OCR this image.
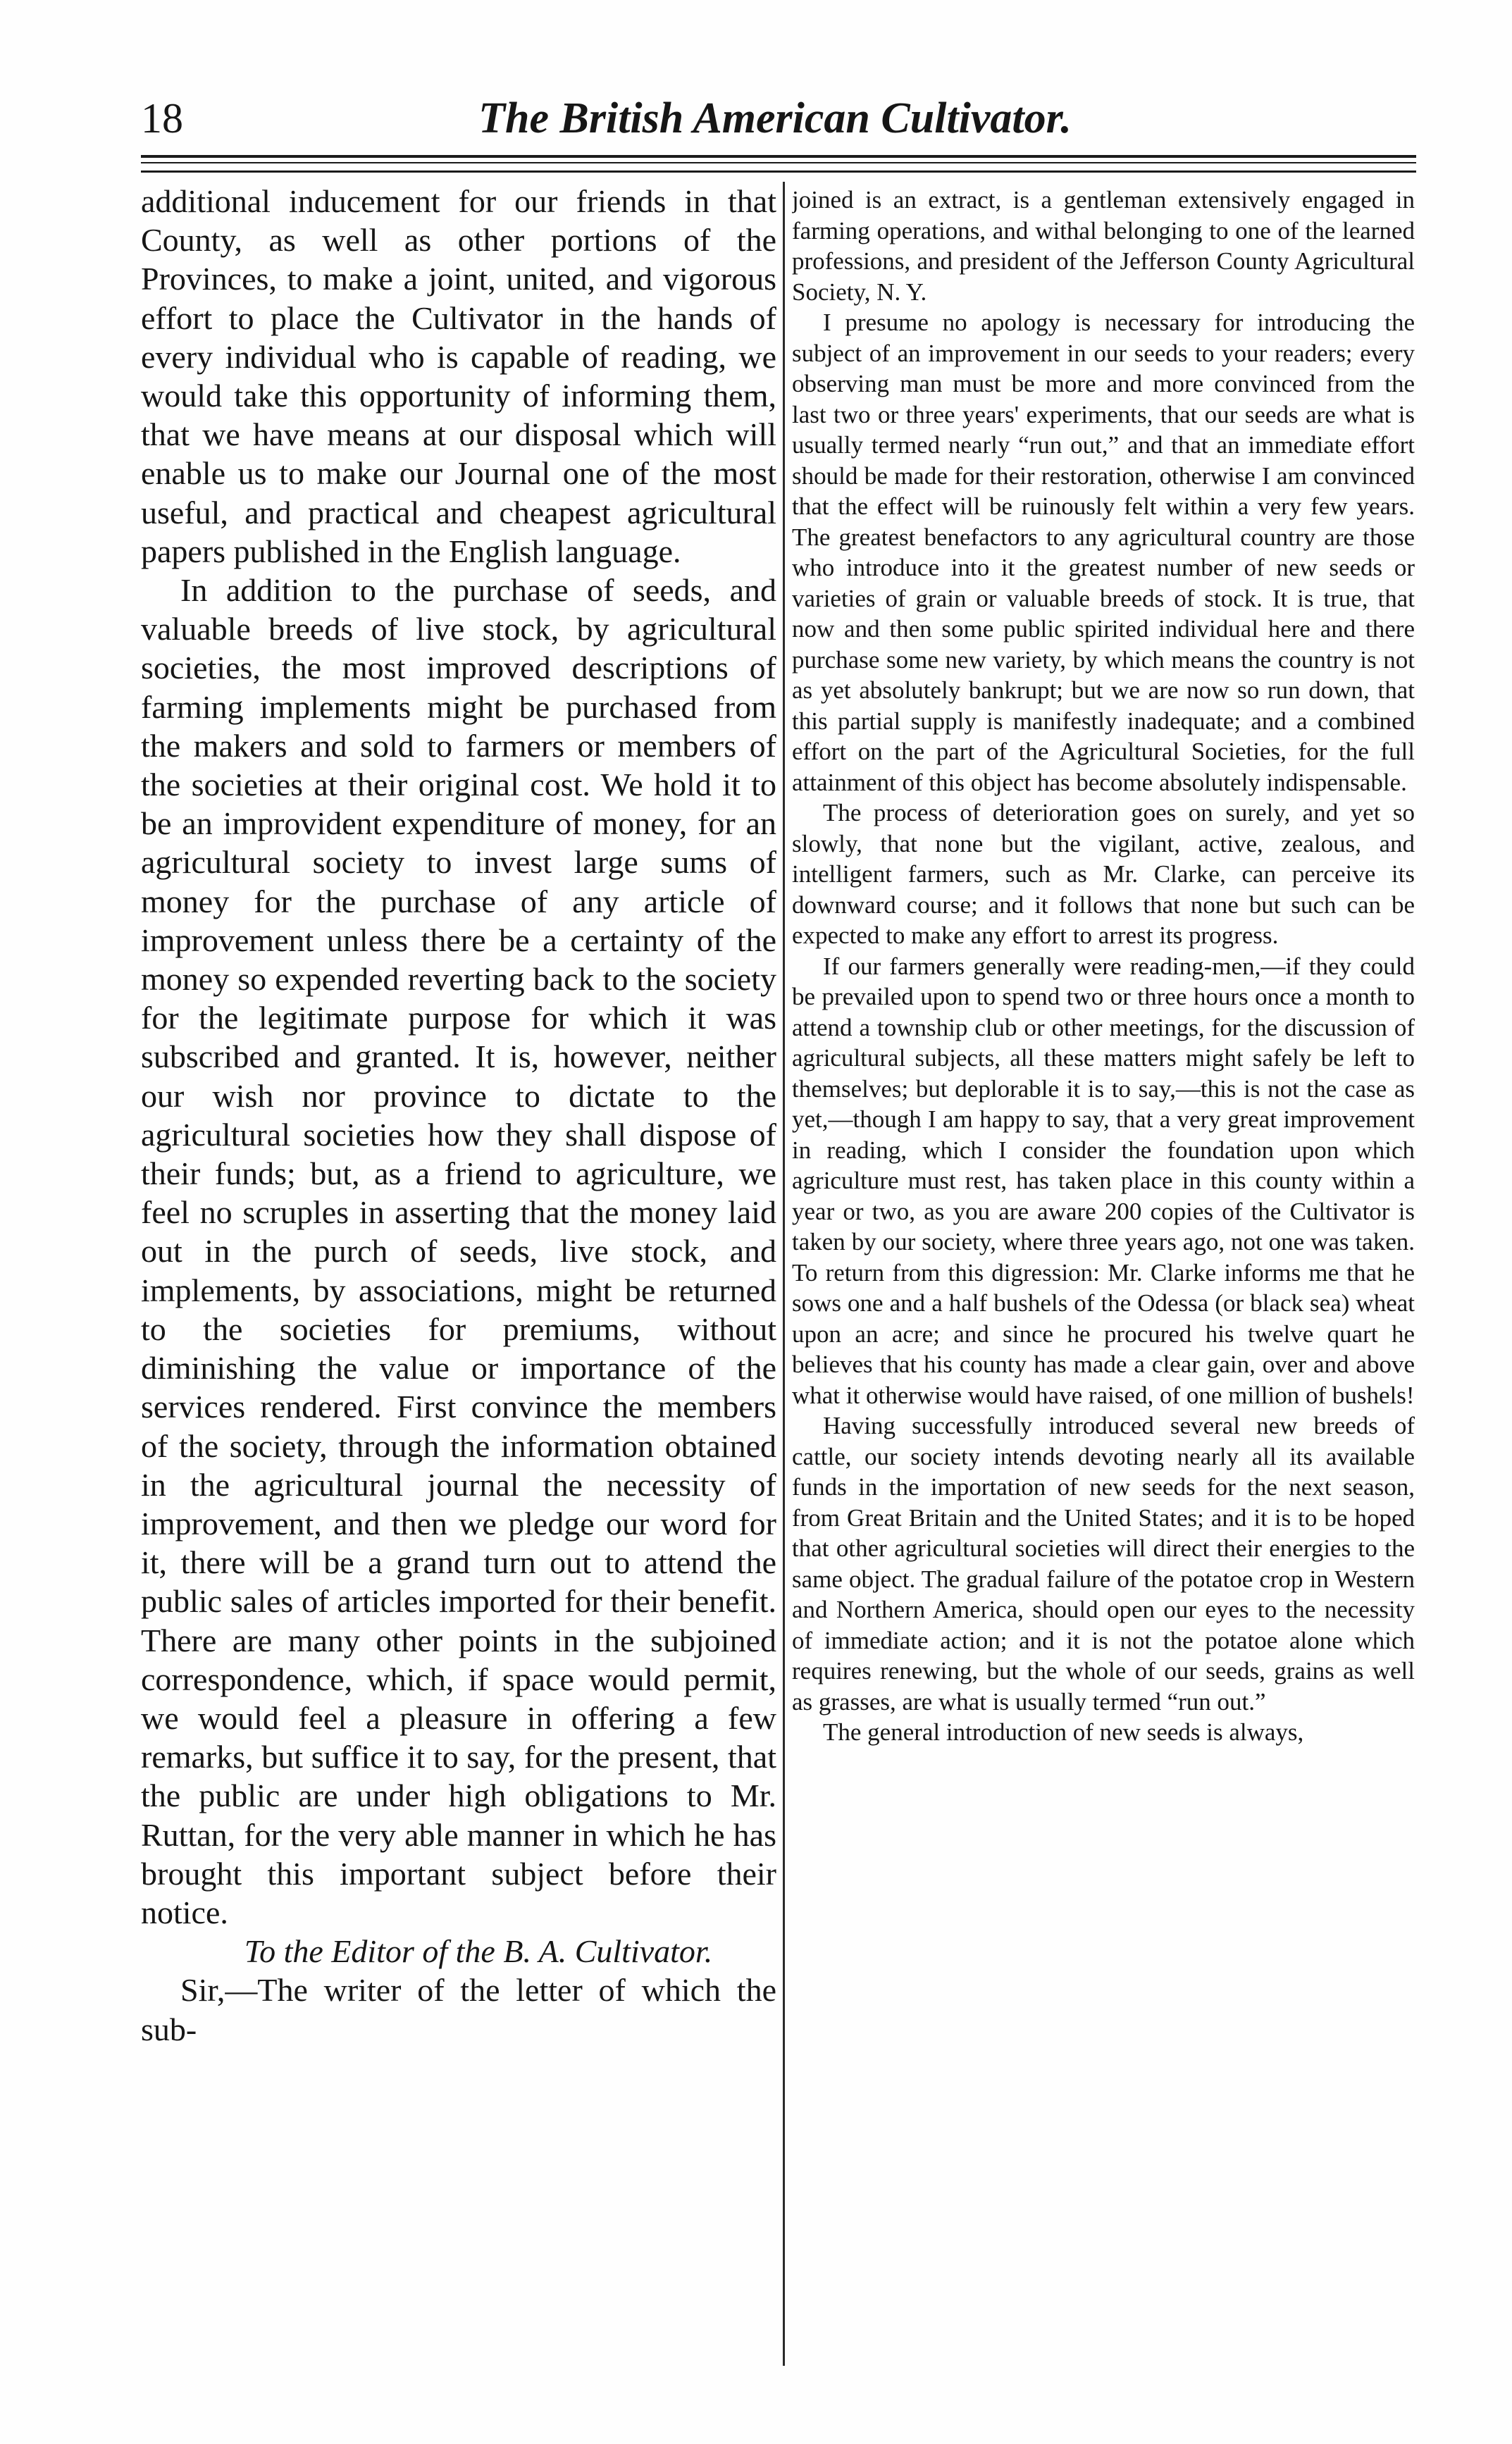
18	The British American Cultivator.

additional inducement for our friends in that County, as well as other portions of the Provinces, to make a joint, united, and vigorous effort to place the Cultivator in the hands of every individual who is capable of reading, we would take this opportunity of informing them, that we have means at our disposal which will enable us to make our Journal one of the most useful, and practical and cheapest agricultural papers published in the English language.

In addition to the purchase of seeds, and valuable breeds of live stock, by agricultural societies, the most improved descriptions of farming implements might be purchased from the makers and sold to farmers or members of the societies at their original cost. We hold it to be an improvident expenditure of money, for an agricultural society to invest large sums of money for the purchase of any article of improvement unless there be a certainty of the money so expended reverting back to the society for the legitimate purpose for which it was subscribed and granted. It is, however, neither our wish nor province to dictate to the agricultural societies how they shall dispose of their funds; but, as a friend to agriculture, we feel no scruples in asserting that the money laid out in the purch of seeds, live stock, and implements, by associations, might be returned to the societies for premiums, without diminishing the value or importance of the services rendered. First convince the members of the society, through the information obtained in the agricultural journal the necessity of improvement, and then we pledge our word for it, there will be a grand turn out to attend the public sales of articles imported for their benefit. There are many other points in the subjoined correspondence, which, if space would permit, we would feel a pleasure in offering a few remarks, but suffice it to say, for the present, that the public are under high obligations to Mr. Ruttan, for the very able manner in which he has brought this important subject before their notice.

To the Editor of the B. A. Cultivator.

Sir,—The writer of the letter of which the sub-

joined is an extract, is a gentleman extensively engaged in farming operations, and withal belonging to one of the learned professions, and president of the Jefferson County Agricultural Society, N. Y.

I presume no apology is necessary for introducing the subject of an improvement in our seeds to your readers; every observing man must be more and more convinced from the last two or three years' experiments, that our seeds are what is usually termed nearly “run out,” and that an immediate effort should be made for their restoration, otherwise I am convinced that the effect will be ruinously felt within a very few years. The greatest benefactors to any agricultural country are those who introduce into it the greatest number of new seeds or varieties of grain or valuable breeds of stock. It is true, that now and then some public spirited individual here and there purchase some new variety, by which means the country is not as yet absolutely bankrupt; but we are now so run down, that this partial supply is manifestly inadequate; and a combined effort on the part of the Agricultural Societies, for the full attainment of this object has become absolutely indispensable.

The process of deterioration goes on surely, and yet so slowly, that none but the vigilant, active, zealous, and intelligent farmers, such as Mr. Clarke, can perceive its downward course; and it follows that none but such can be expected to make any effort to arrest its progress.

If our farmers generally were reading-men,—if they could be prevailed upon to spend two or three hours once a month to attend a township club or other meetings, for the discussion of agricultural subjects, all these matters might safely be left to themselves; but deplorable it is to say,—this is not the case as yet,—though I am happy to say, that a very great improvement in reading, which I consider the foundation upon which agriculture must rest, has taken place in this county within a year or two, as you are aware 200 copies of the Cultivator is taken by our society, where three years ago, not one was taken. To return from this digression: Mr. Clarke informs me that he sows one and a half bushels of the Odessa (or black sea) wheat upon an acre; and since he procured his twelve quart he believes that his county has made a clear gain, over and above what it otherwise would have raised, of one million of bushels!

Having successfully introduced several new breeds of cattle, our society intends devoting nearly all its available funds in the importation of new seeds for the next season, from Great Britain and the United States; and it is to be hoped that other agricultural societies will direct their energies to the same object. The gradual failure of the potatoe crop in Western and Northern America, should open our eyes to the necessity of immediate action; and it is not the potatoe alone which requires renewing, but the whole of our seeds, grains as well as grasses, are what is usually termed “run out.”

The general introduction of new seeds is always,
